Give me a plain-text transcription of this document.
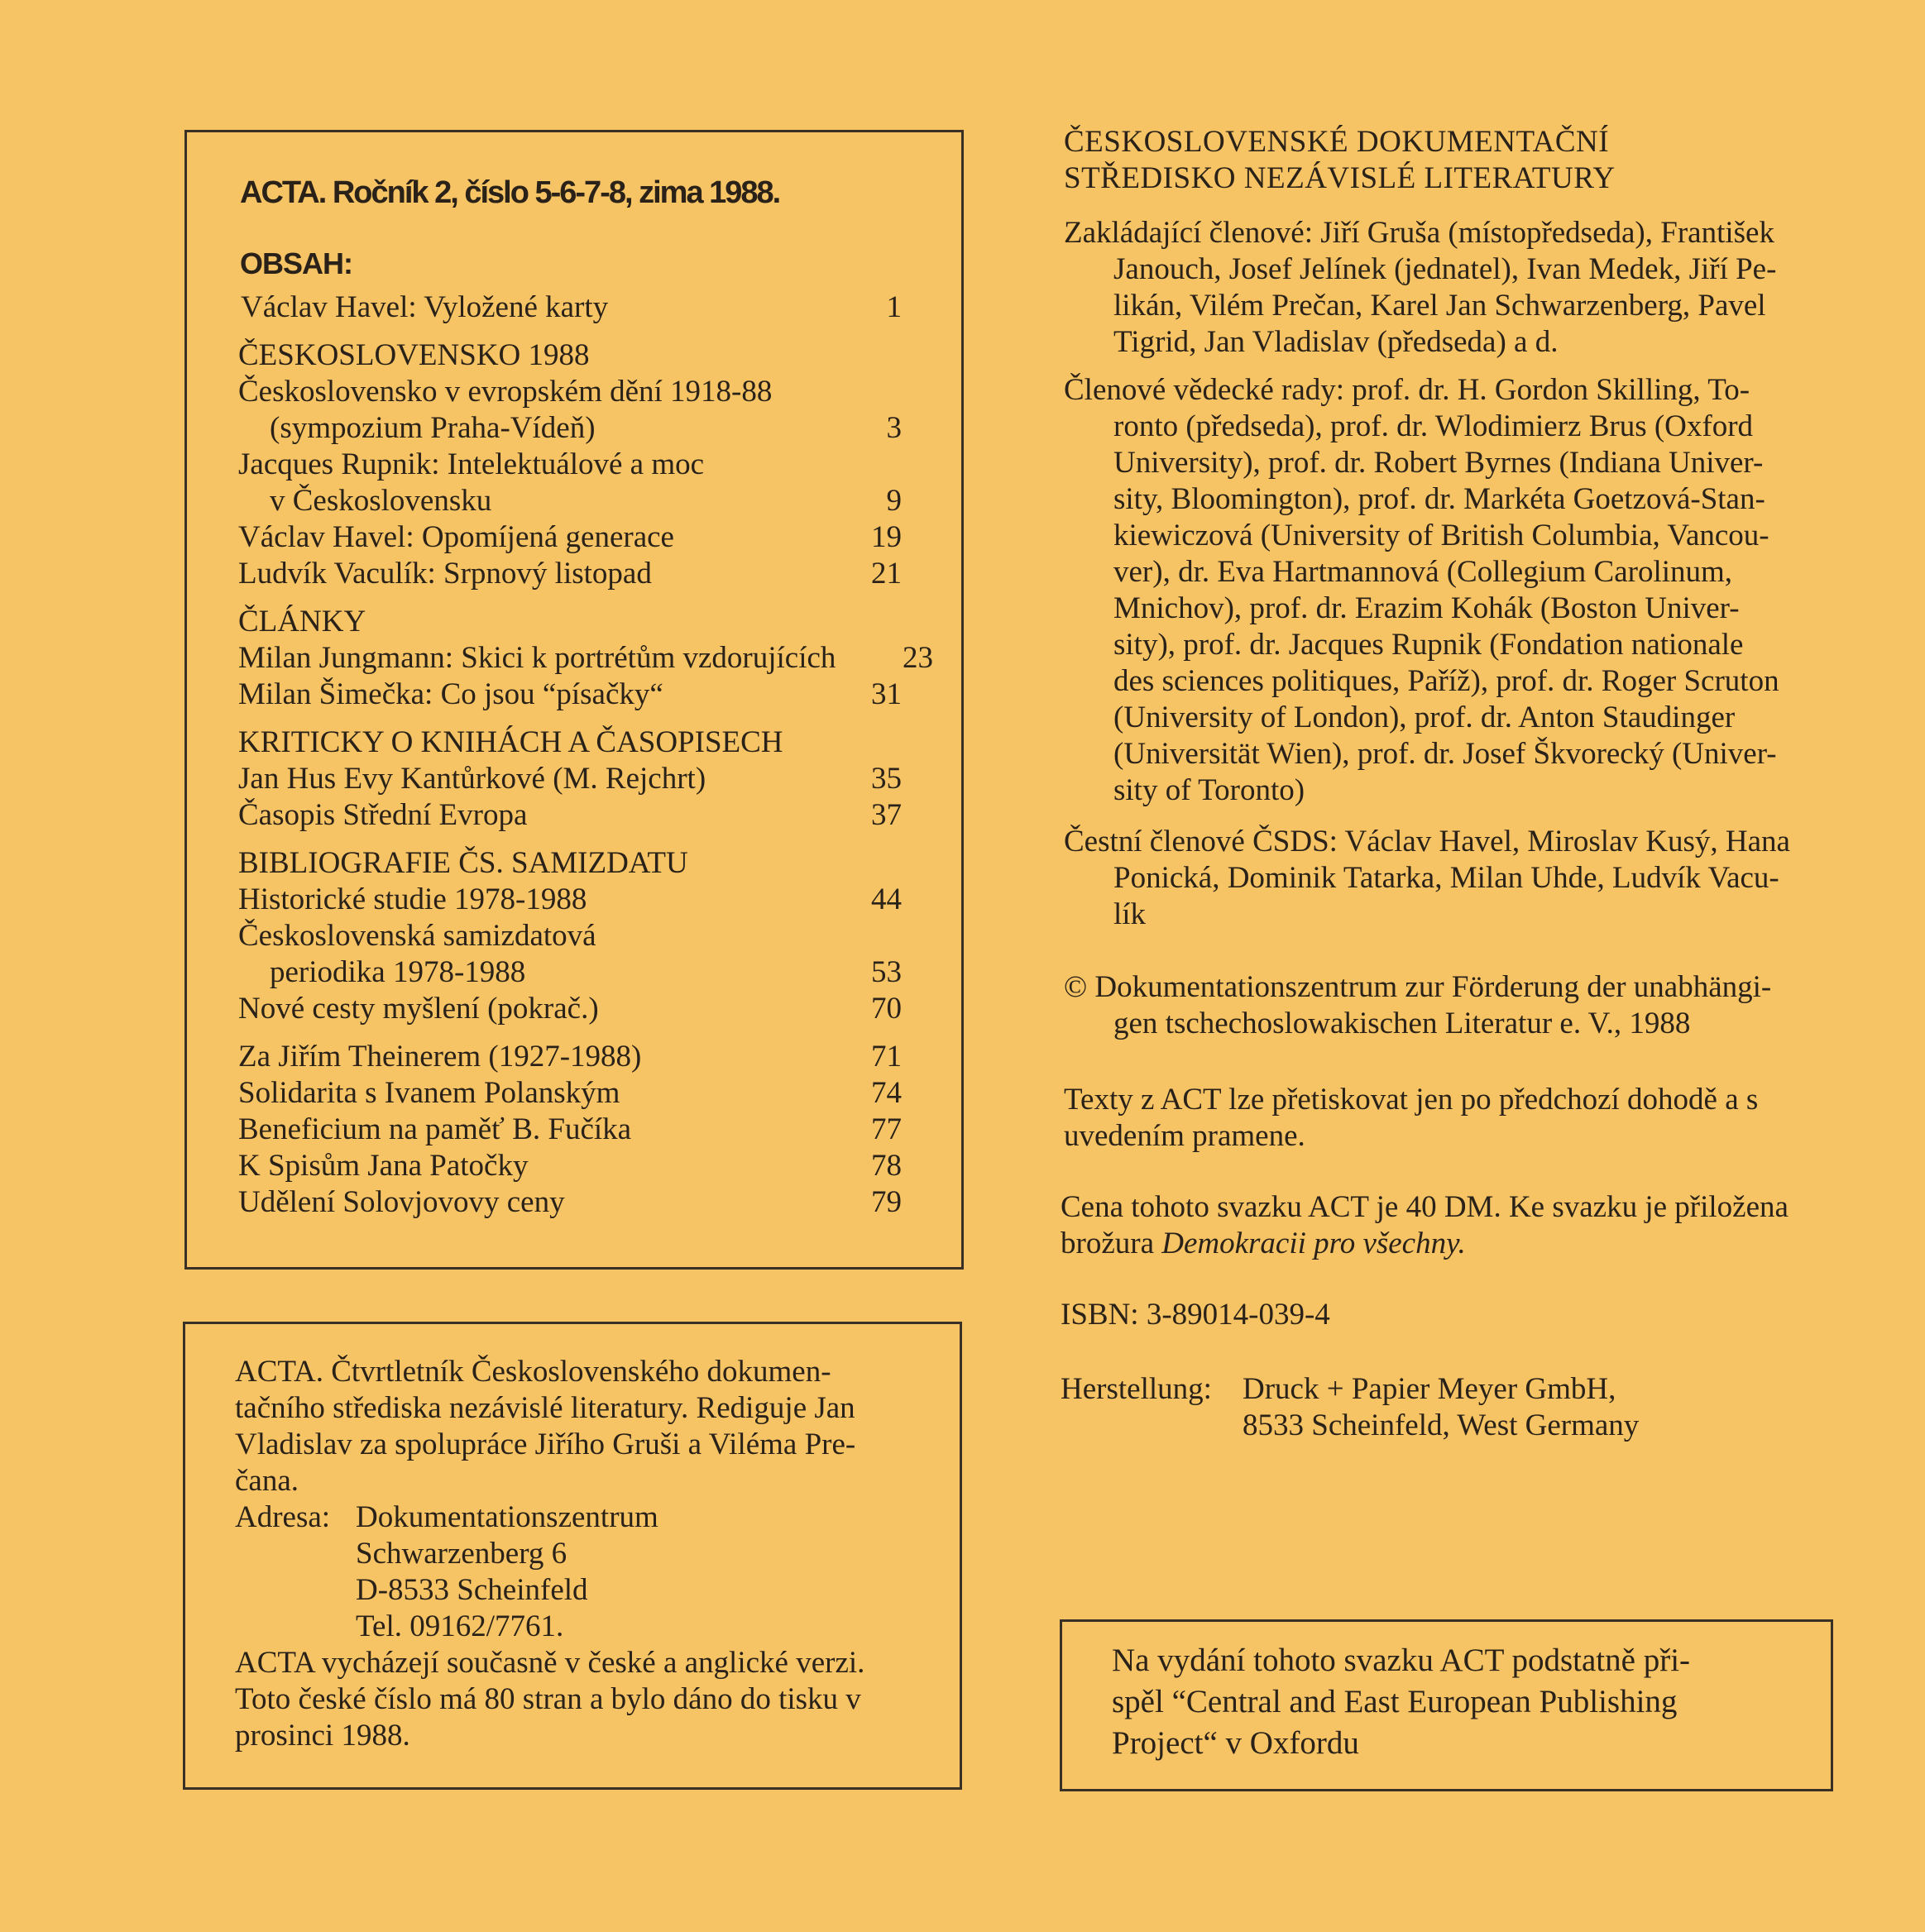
ACTA. Ročník 2, číslo 5-6-7-8, zima 1988.
OBSAH:
Václav Havel: Vyložené karty	1
ČESKOSLOVENSKO 1988
Československo v evropském dění 1918-88
(sympozium Praha-Vídeň)	3
Jacques Rupnik: Intelektuálové a moc
v Československu	9
Václav Havel: Opomíjená generace	19
Ludvík Vaculík: Srpnový listopad	21
ČLÁNKY
Milan Jungmann: Skici k portrétům vzdorujících 23
Milan Šimečka: Co jsou “písačky“	31
KRITICKY O KNIHÁCH A ČASOPISECH
Jan Hus Evy Kantůrkové (M. Rejchrt)	35
Časopis Střední Evropa	37
BIBLIOGRAFIE ČS. SAMIZDATU
Historické studie 1978-1988	44
Československá samizdatová
periodika 1978-1988	53
Nové cesty myšlení (pokrač.)	70
Za Jiřím Theinerem (1927-1988)	71
Solidarita s Ivanem Polanským	74
Beneficium na paměť B. Fučíka	77
K Spisům Jana Patočky	78
Udělení Solovjovovy ceny	79
ACTA. Čtvrtletník Československého dokumen-
tačního střediska nezávislé literatury. Rediguje Jan
Vladislav za spolupráce Jiřího Gruši a Viléma Pre-
čana.
Adresa: Dokumentationszentrum
Schwarzenberg 6
D-8533 Scheinfeld
Tel. 09162/7761.
ACTA vycházejí současně v české a anglické verzi.
Toto české číslo má 80 stran a bylo dáno do tisku v
prosinci 1988.
ČESKOSLOVENSKÉ DOKUMENTAČNÍ
STŘEDISKO NEZÁVISLÉ LITERATURY
Zakládající členové: Jiří Gruša (místopředseda), František
Janouch, Josef Jelínek (jednatel), Ivan Medek, Jiří Pe-
likán, Vilém Prečan, Karel Jan Schwarzenberg, Pavel
Tigrid, Jan Vladislav (předseda) a d.
Členové vědecké rady: prof. dr. H. Gordon Skilling, To-
ronto (předseda), prof. dr. Wlodimierz Brus (Oxford
University), prof. dr. Robert Byrnes (Indiana Univer-
sity, Bloomington), prof. dr. Markéta Goetzová-Stan-
kiewiczová (University of British Columbia, Vancou-
ver), dr. Eva Hartmannová (Collegium Carolinum,
Mnichov), prof. dr. Erazim Kohák (Boston Univer-
sity), prof. dr. Jacques Rupnik (Fondation nationale
des sciences politiques, Paříž), prof. dr. Roger Scruton
(University of London), prof. dr. Anton Staudinger
(Universität Wien), prof. dr. Josef Škvorecký (Univer-
sity of Toronto)
Čestní členové ČSDS: Václav Havel, Miroslav Kusý, Hana
Ponická, Dominik Tatarka, Milan Uhde, Ludvík Vacu-
lík
© Dokumentationszentrum zur Förderung der unabhängi-
gen tschechoslowakischen Literatur e. V., 1988
Texty z ACT lze přetiskovat jen po předchozí dohodě a s
uvedením pramene.
Cena tohoto svazku ACT je 40 DM. Ke svazku je přiložena
brožura Demokracii pro všechny.
ISBN: 3-89014-039-4
Herstellung: Druck + Papier Meyer GmbH,
8533 Scheinfeld, West Germany
Na vydání tohoto svazku ACT podstatně při-
spěl “Central and East European Publishing
Project“ v Oxfordu
